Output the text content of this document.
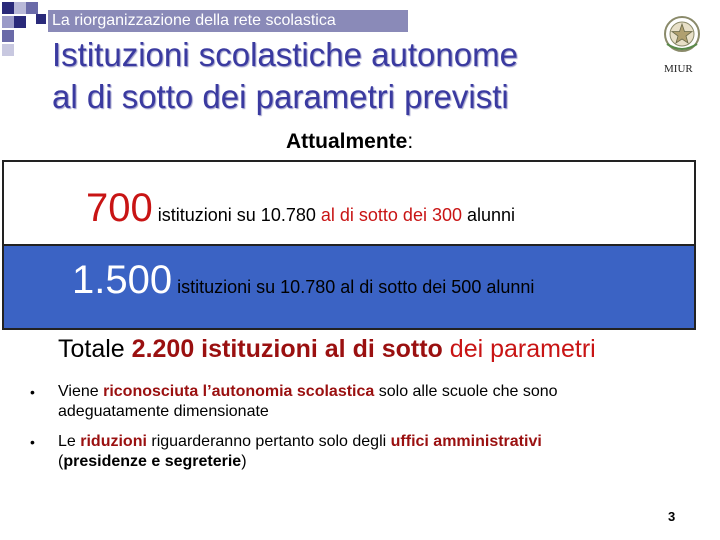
La riorganizzazione della rete scolastica
Istituzioni scolastiche autonome
al di sotto dei parametri previsti
MIUR
Attualmente:
700 istituzioni su 10.780 al di sotto dei 300 alunni
1.500 istituzioni su 10.780 al di sotto dei 500 alunni
Totale 2.200 istituzioni al di sotto dei parametri
• Viene riconosciuta l’autonomia scolastica solo alle scuole che sono
adeguatamente dimensionate
• Le riduzioni riguarderanno pertanto solo degli uffici amministrativi
(presidenze e segreterie)
3
